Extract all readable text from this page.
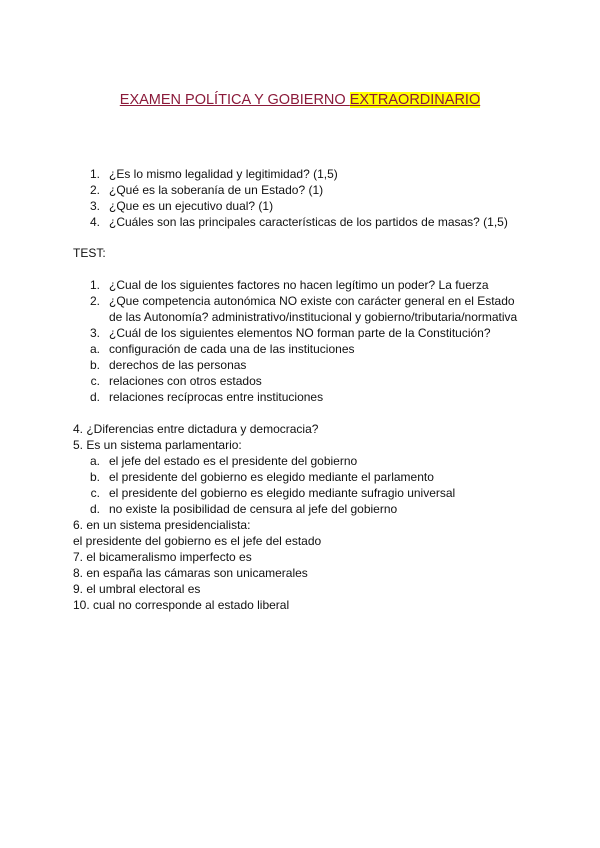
EXAMEN POLÍTICA Y GOBIERNO EXTRAORDINARIO
1. ¿Es lo mismo legalidad y legitimidad? (1,5)
2. ¿Qué es la soberanía de un Estado? (1)
3. ¿Que es un ejecutivo dual? (1)
4. ¿Cuáles son las principales características de los partidos de masas? (1,5)
TEST:
1. ¿Cual de los siguientes factores no hacen legítimo un poder? La fuerza
2. ¿Que competencia autonómica NO existe con carácter general en el Estado
de las Autonomía? administrativo/institucional y gobierno/tributaria/normativa
3. ¿Cuál de los siguientes elementos NO forman parte de la Constitución?
a. configuración de cada una de las instituciones
b. derechos de las personas
c. relaciones con otros estados
d. relaciones recíprocas entre instituciones
4. ¿Diferencias entre dictadura y democracia?
5. Es un sistema parlamentario:
a. el jefe del estado es el presidente del gobierno
b. el presidente del gobierno es elegido mediante el parlamento
c. el presidente del gobierno es elegido mediante sufragio universal
d. no existe la posibilidad de censura al jefe del gobierno
6. en un sistema presidencialista:
el presidente del gobierno es el jefe del estado
7. el bicameralismo imperfecto es
8. en españa las cámaras son unicamerales
9. el umbral electoral es
10. cual no corresponde al estado liberal
